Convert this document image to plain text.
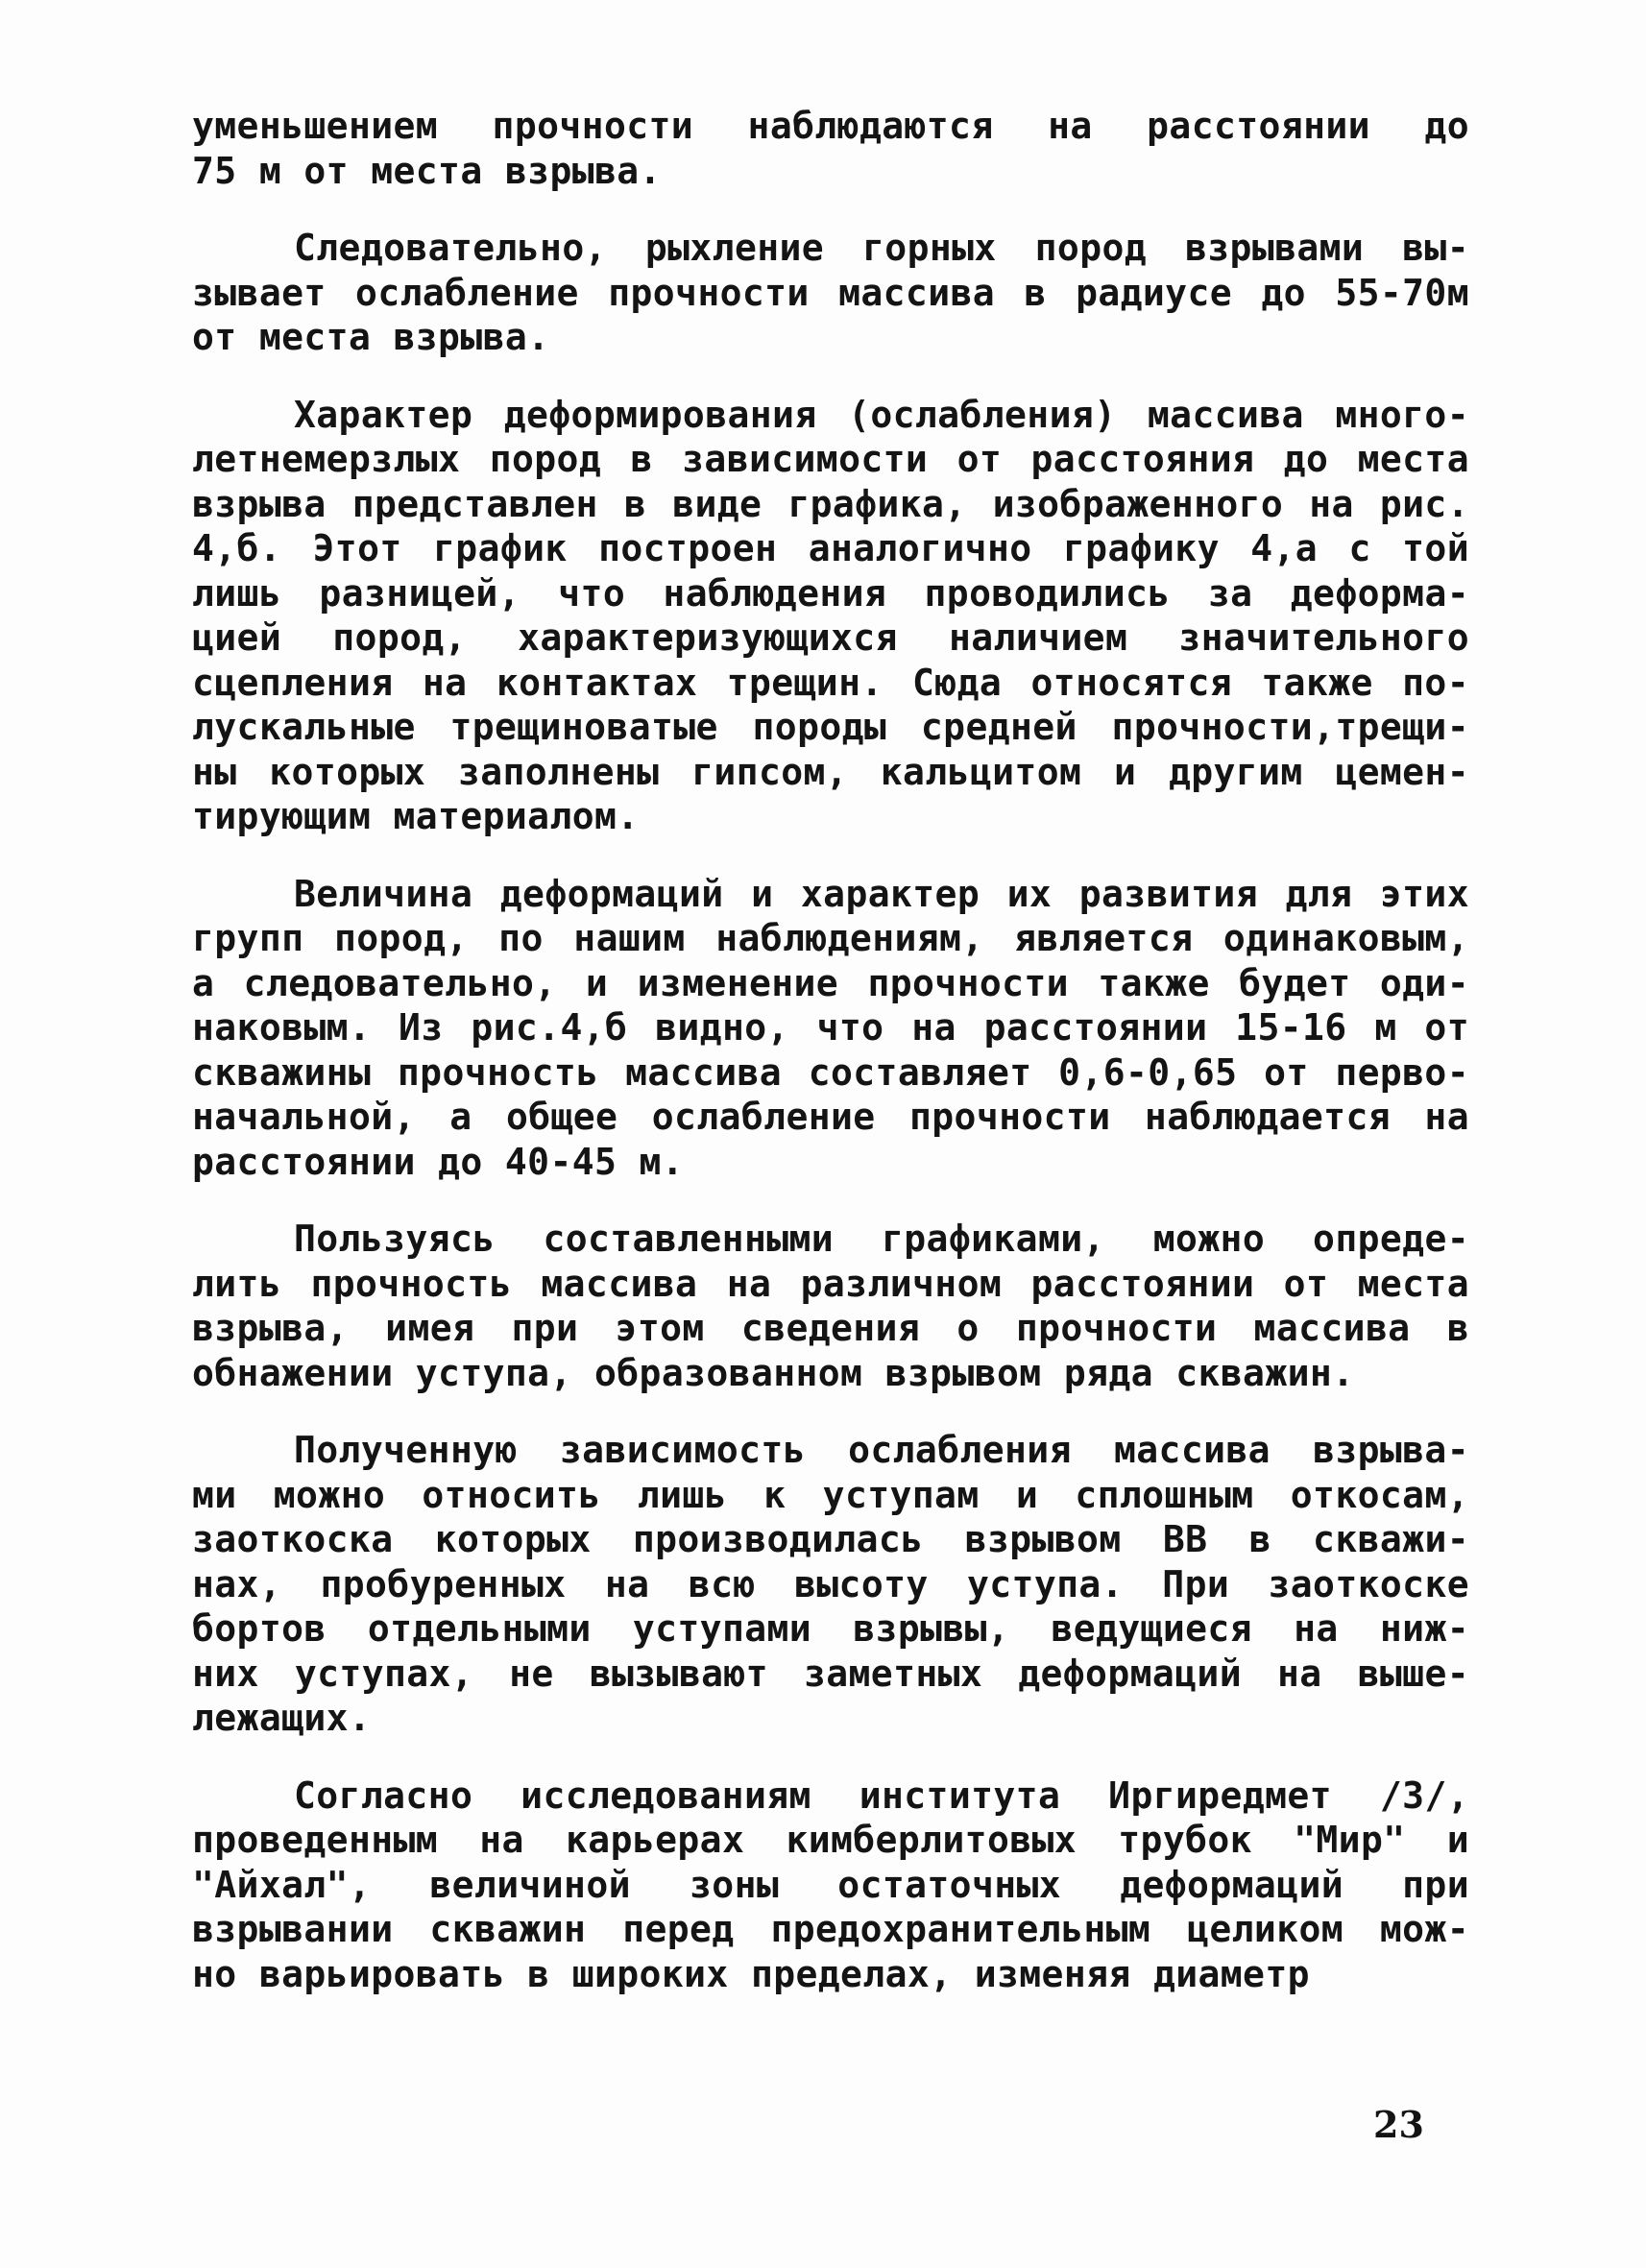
уменьшением прочности наблюдаются на расстоянии до
75 м от места взрыва.
Следовательно, рыхление горных пород взрывами вы-
зывает ослабление прочности массива в радиусе до 55-70м
от места взрыва.
Характер деформирования (ослабления) массива много-
летнемерзлых пород в зависимости от расстояния до места
взрыва представлен в виде графика, изображенного на рис.
4,б. Этот график построен аналогично графику 4,а с той
лишь разницей, что наблюдения проводились за деформа-
цией пород, характеризующихся наличием значительного
сцепления на контактах трещин. Сюда относятся также по-
лускальные трещиноватые породы средней прочности,трещи-
ны которых заполнены гипсом, кальцитом и другим цемен-
тирующим материалом.
Величина деформаций и характер их развития для этих
групп пород, по нашим наблюдениям, является одинаковым,
а следовательно, и изменение прочности также будет оди-
наковым. Из рис.4,б видно, что на расстоянии 15-16 м от
скважины прочность массива составляет 0,6-0,65 от перво-
начальной, а общее ослабление прочности наблюдается на
расстоянии до 40-45 м.
Пользуясь составленными графиками, можно опреде-
лить прочность массива на различном расстоянии от места
взрыва, имея при этом сведения о прочности массива в
обнажении уступа, образованном взрывом ряда скважин.
Полученную зависимость ослабления массива взрыва-
ми можно относить лишь к уступам и сплошным откосам,
заоткоска которых производилась взрывом ВВ в скважи-
нах, пробуренных на всю высоту уступа. При заоткоске
бортов отдельными уступами взрывы, ведущиеся на ниж-
них уступах, не вызывают заметных деформаций на выше-
лежащих.
Согласно исследованиям института Иргиредмет /3/,
проведенным на карьерах кимберлитовых трубок "Мир" и
"Айхал", величиной зоны остаточных деформаций при
взрывании скважин перед предохранительным целиком мож-
но варьировать в широких пределах, изменяя диаметр
23
